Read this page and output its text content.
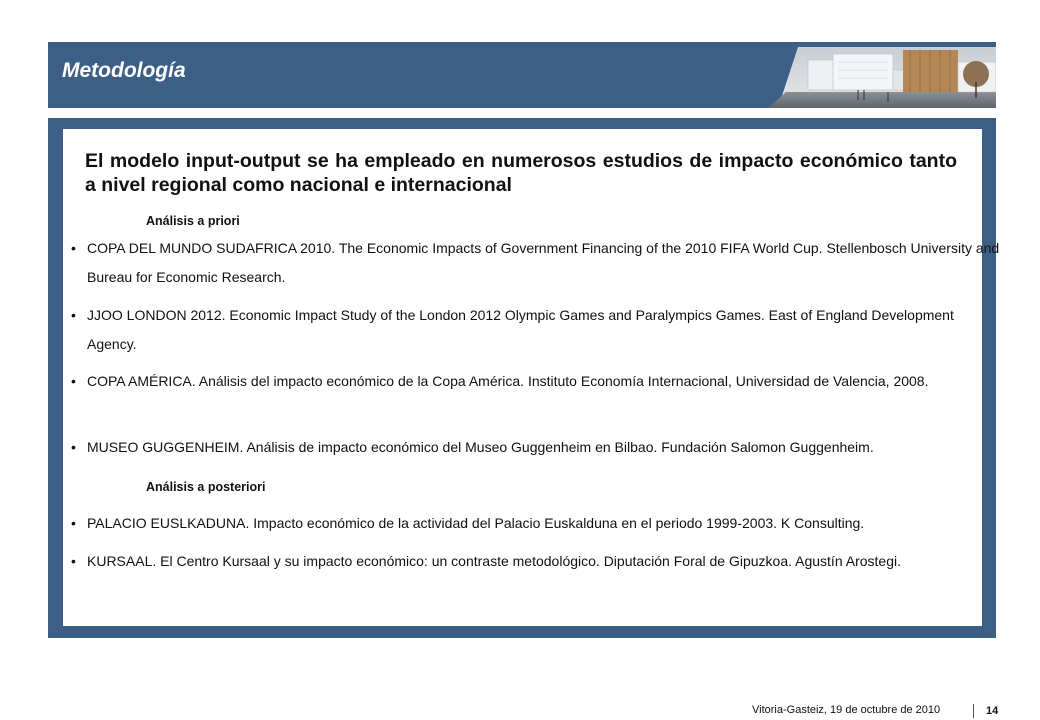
Metodología
El modelo input-output se ha empleado en numerosos estudios de impacto económico tanto a nivel regional como nacional e internacional
Análisis a priori
• COPA DEL MUNDO SUDAFRICA 2010. The Economic Impacts of Government Financing of the 2010 FIFA World Cup. Stellenbosch University and Bureau for Economic Research.
• JJOO LONDON 2012. Economic Impact Study of the London 2012 Olympic Games and Paralympics Games. East of England Development Agency.
• COPA AMÉRICA. Análisis del impacto económico de la Copa América. Instituto Economía Internacional, Universidad de Valencia, 2008.
• MUSEO GUGGENHEIM. Análisis de impacto económico del Museo Guggenheim en Bilbao. Fundación Salomon Guggenheim.
Análisis a posteriori
• PALACIO EUSLKADUNA. Impacto económico de la actividad del Palacio Euskalduna en el periodo 1999-2003. K Consulting.
• KURSAAL. El Centro Kursaal y su impacto económico: un contraste metodológico. Diputación Foral de Gipuzkoa. Agustín Arostegi.
Vitoria-Gasteiz, 19 de octubre de 2010	14
